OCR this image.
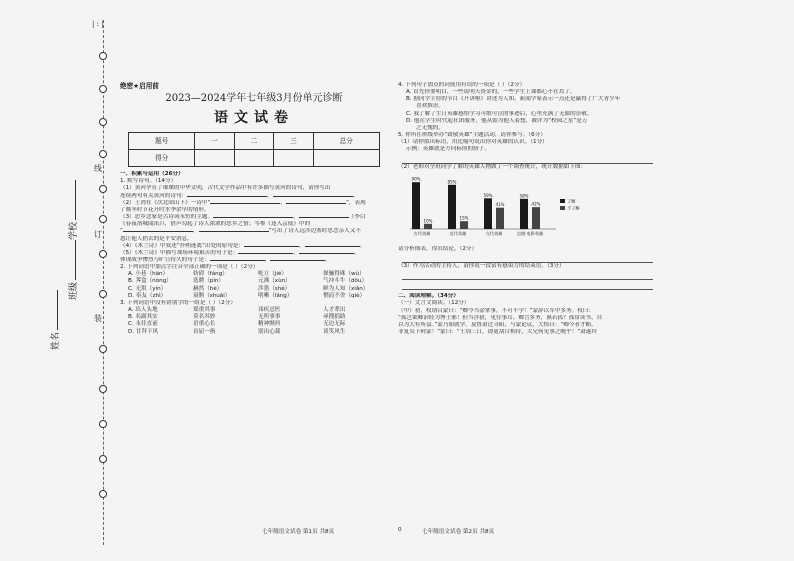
| : |
线
订
装
班级
学校
姓名

绝密★启用前

2023—2024学年七年级3月份单元诊断
语文试卷
题号	一	二	三	总分
得分				

一、积累与运用（26分）

1. 默写诗句。（14分）

（1）黄河孕育了璀璨的中华文明，古代文学作品中有许多描写黄河的诗句，请你写出

连续两句有关黄河的诗句：	，	。

（2）王湾在《次北固山下》一诗中“	，	”，表现

了晚冬时节花开时水季余早的情形。

（3）思乡念家是古诗词永恒的主题。	，	（李白

《春夜洛城闻笛》），借声勾起了诗人浓浓的思乡之情；岑参《逢入京使》中的

“	，	”写出了诗人远涉边塞时思念亲人又不

恩让他人捎去的是平安消息。

（4）《木兰诗》中叙述“扑朔迷离”出处的原句是：	，	。

（5）《木兰诗》中描写战场环境艰苦的句子是：	，	。

体现战争惨烈与旷日持久的句子是：	，	。

2. 下列词语中加点字注音全部正确的一项是（ ）（2分）

A. 小巷（hàn）	妨碍（fáng）	屹立（jié）	探骊得珠（wù）
B. 荠盒（nóng）	选聘（pìn）	元沸（xùn）	气冲斗牛（dǒu）
C. 无垠（yín）	赫然（hè）	涉猎（shè）	鲜为人知（xiǎn）
D. 奉友（zhì）	衰颓（shuāi）	明晰（lǎng）	惘而不舍（qiè）

3. 下列词语中没有错别字的一组是（ ）（2分）

A. 出人头地	郑重其事	讳疾忌医	人才辈出
B. 名副其实	莫名其妙	无所事事	尋搜捐助
C. 永往直前	语重心长	精神颤抖	无边无际
D. 甘拜下风	首屈一指	别出心裁	谈笑风生

4. 下列句子加点的词使用有误的一项是（ ）（2分）

A. 首先你要明白，一些说明天资金的，一些学生上课都心不在焉了。

B. 据同学主持的节目《开讲啦》讲述为人知，新闻学家表示一点还是赢得了广大青少年

喜欢推崇。

C. 我了解了生日英雄感悟学习可歌可泣的事迹后，心里充满了无限的崇敬。

D. 他在学生时代起社团服务，他从始为他人着想，被评为“校园之星”是万

之无愧的。

5. 你所在班级举办“致敬英雄”主题活动，请你参与。（6分）

（1）请你拟出标语，用比喻句说出你对英雄的认识。（1分）

示例：英雄就是方向标照的骄子。

（2）老师对全班同学了解的英雄人物做了一个调查统计，统计数据如下图：

90%
10%
古代英雄
85%
15%
近代英雄
59%
41%
当代英雄
58%
42%
边境·电影英雄
了解
不了解

请分析图表，得出结论。（2分）

（3）作为活动的主持人，请你说一段富有感染力的结束语。（3分）

二、阅读理解。（34分）

（一）文言文阅读。（12分）

（甲）初，权谓吕蒙曰：“卿今当涂掌事，不可不学！”蒙辞以军中多务。权曰：

“孤岂欲卿治经为博士邪！但当涉猎，见往事耳。卿言多务，孰若孤？孤常读书，自

以为大有所益。”蒙乃始就学。及鲁肃过寻阳，与蒙论议，大惊曰：“卿今者才略，

非复吴下阿蒙！”蒙曰：“士别三日，即更刮目相待，大兄何见事之晚乎！”肃遂拜

七年级语文试卷 第1页 共8页	0	七年级语文试卷 第2页 共8页
